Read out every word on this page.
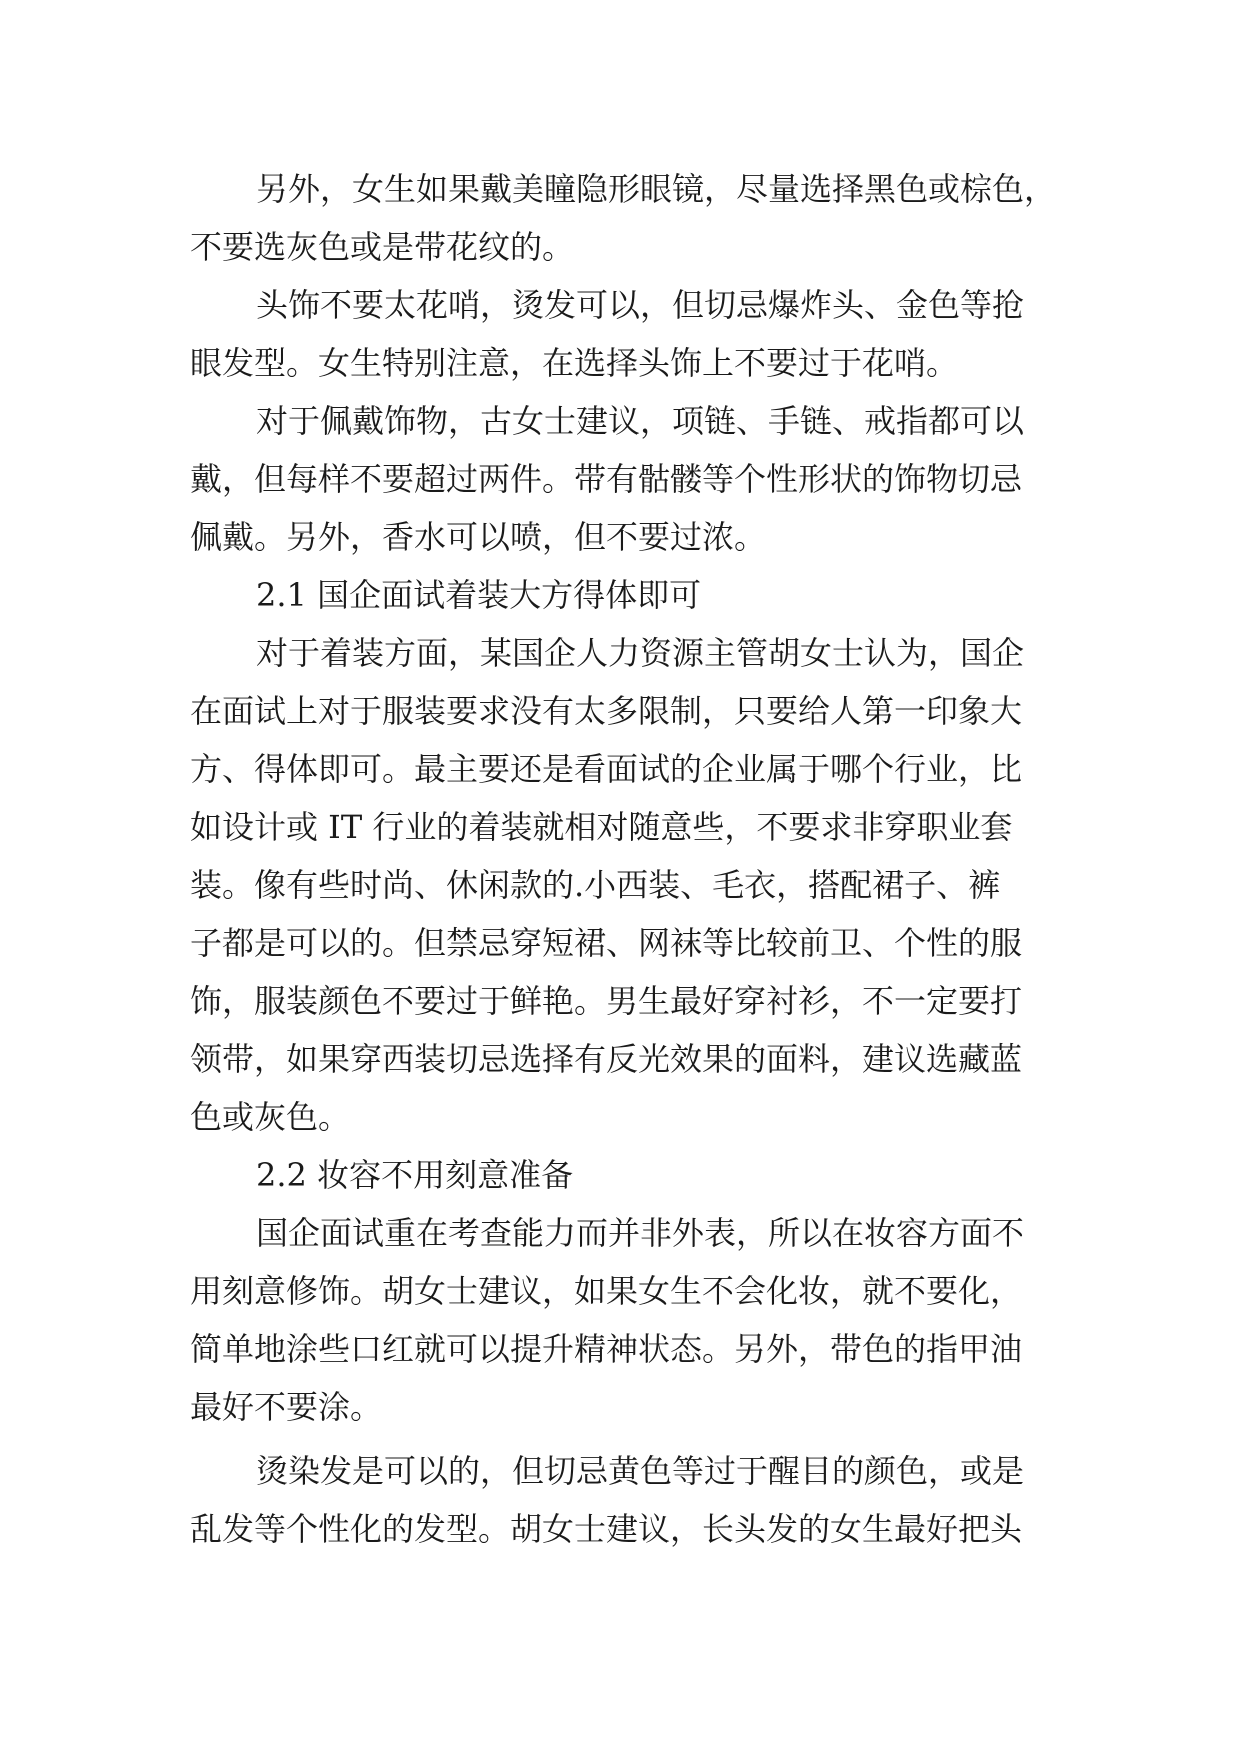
另外，女生如果戴美瞳隐形眼镜，尽量选择黑色或棕色，
不要选灰色或是带花纹的。
头饰不要太花哨，烫发可以，但切忌爆炸头、金色等抢
眼发型。女生特别注意，在选择头饰上不要过于花哨。
对于佩戴饰物，古女士建议，项链、手链、戒指都可以
戴，但每样不要超过两件。带有骷髅等个性形状的饰物切忌
佩戴。另外，香水可以喷，但不要过浓。
2.1 国企面试着装大方得体即可
对于着装方面，某国企人力资源主管胡女士认为，国企
在面试上对于服装要求没有太多限制，只要给人第一印象大
方、得体即可。最主要还是看面试的企业属于哪个行业，比
如设计或 IT 行业的着装就相对随意些，不要求非穿职业套
装。像有些时尚、休闲款的.小西装、毛衣，搭配裙子、裤
子都是可以的。但禁忌穿短裙、网袜等比较前卫、个性的服
饰，服装颜色不要过于鲜艳。男生最好穿衬衫，不一定要打
领带，如果穿西装切忌选择有反光效果的面料，建议选藏蓝
色或灰色。
2.2 妆容不用刻意准备
国企面试重在考查能力而并非外表，所以在妆容方面不
用刻意修饰。胡女士建议，如果女生不会化妆，就不要化，
简单地涂些口红就可以提升精神状态。另外，带色的指甲油
最好不要涂。
烫染发是可以的，但切忌黄色等过于醒目的颜色，或是
乱发等个性化的发型。胡女士建议，长头发的女生最好把头
